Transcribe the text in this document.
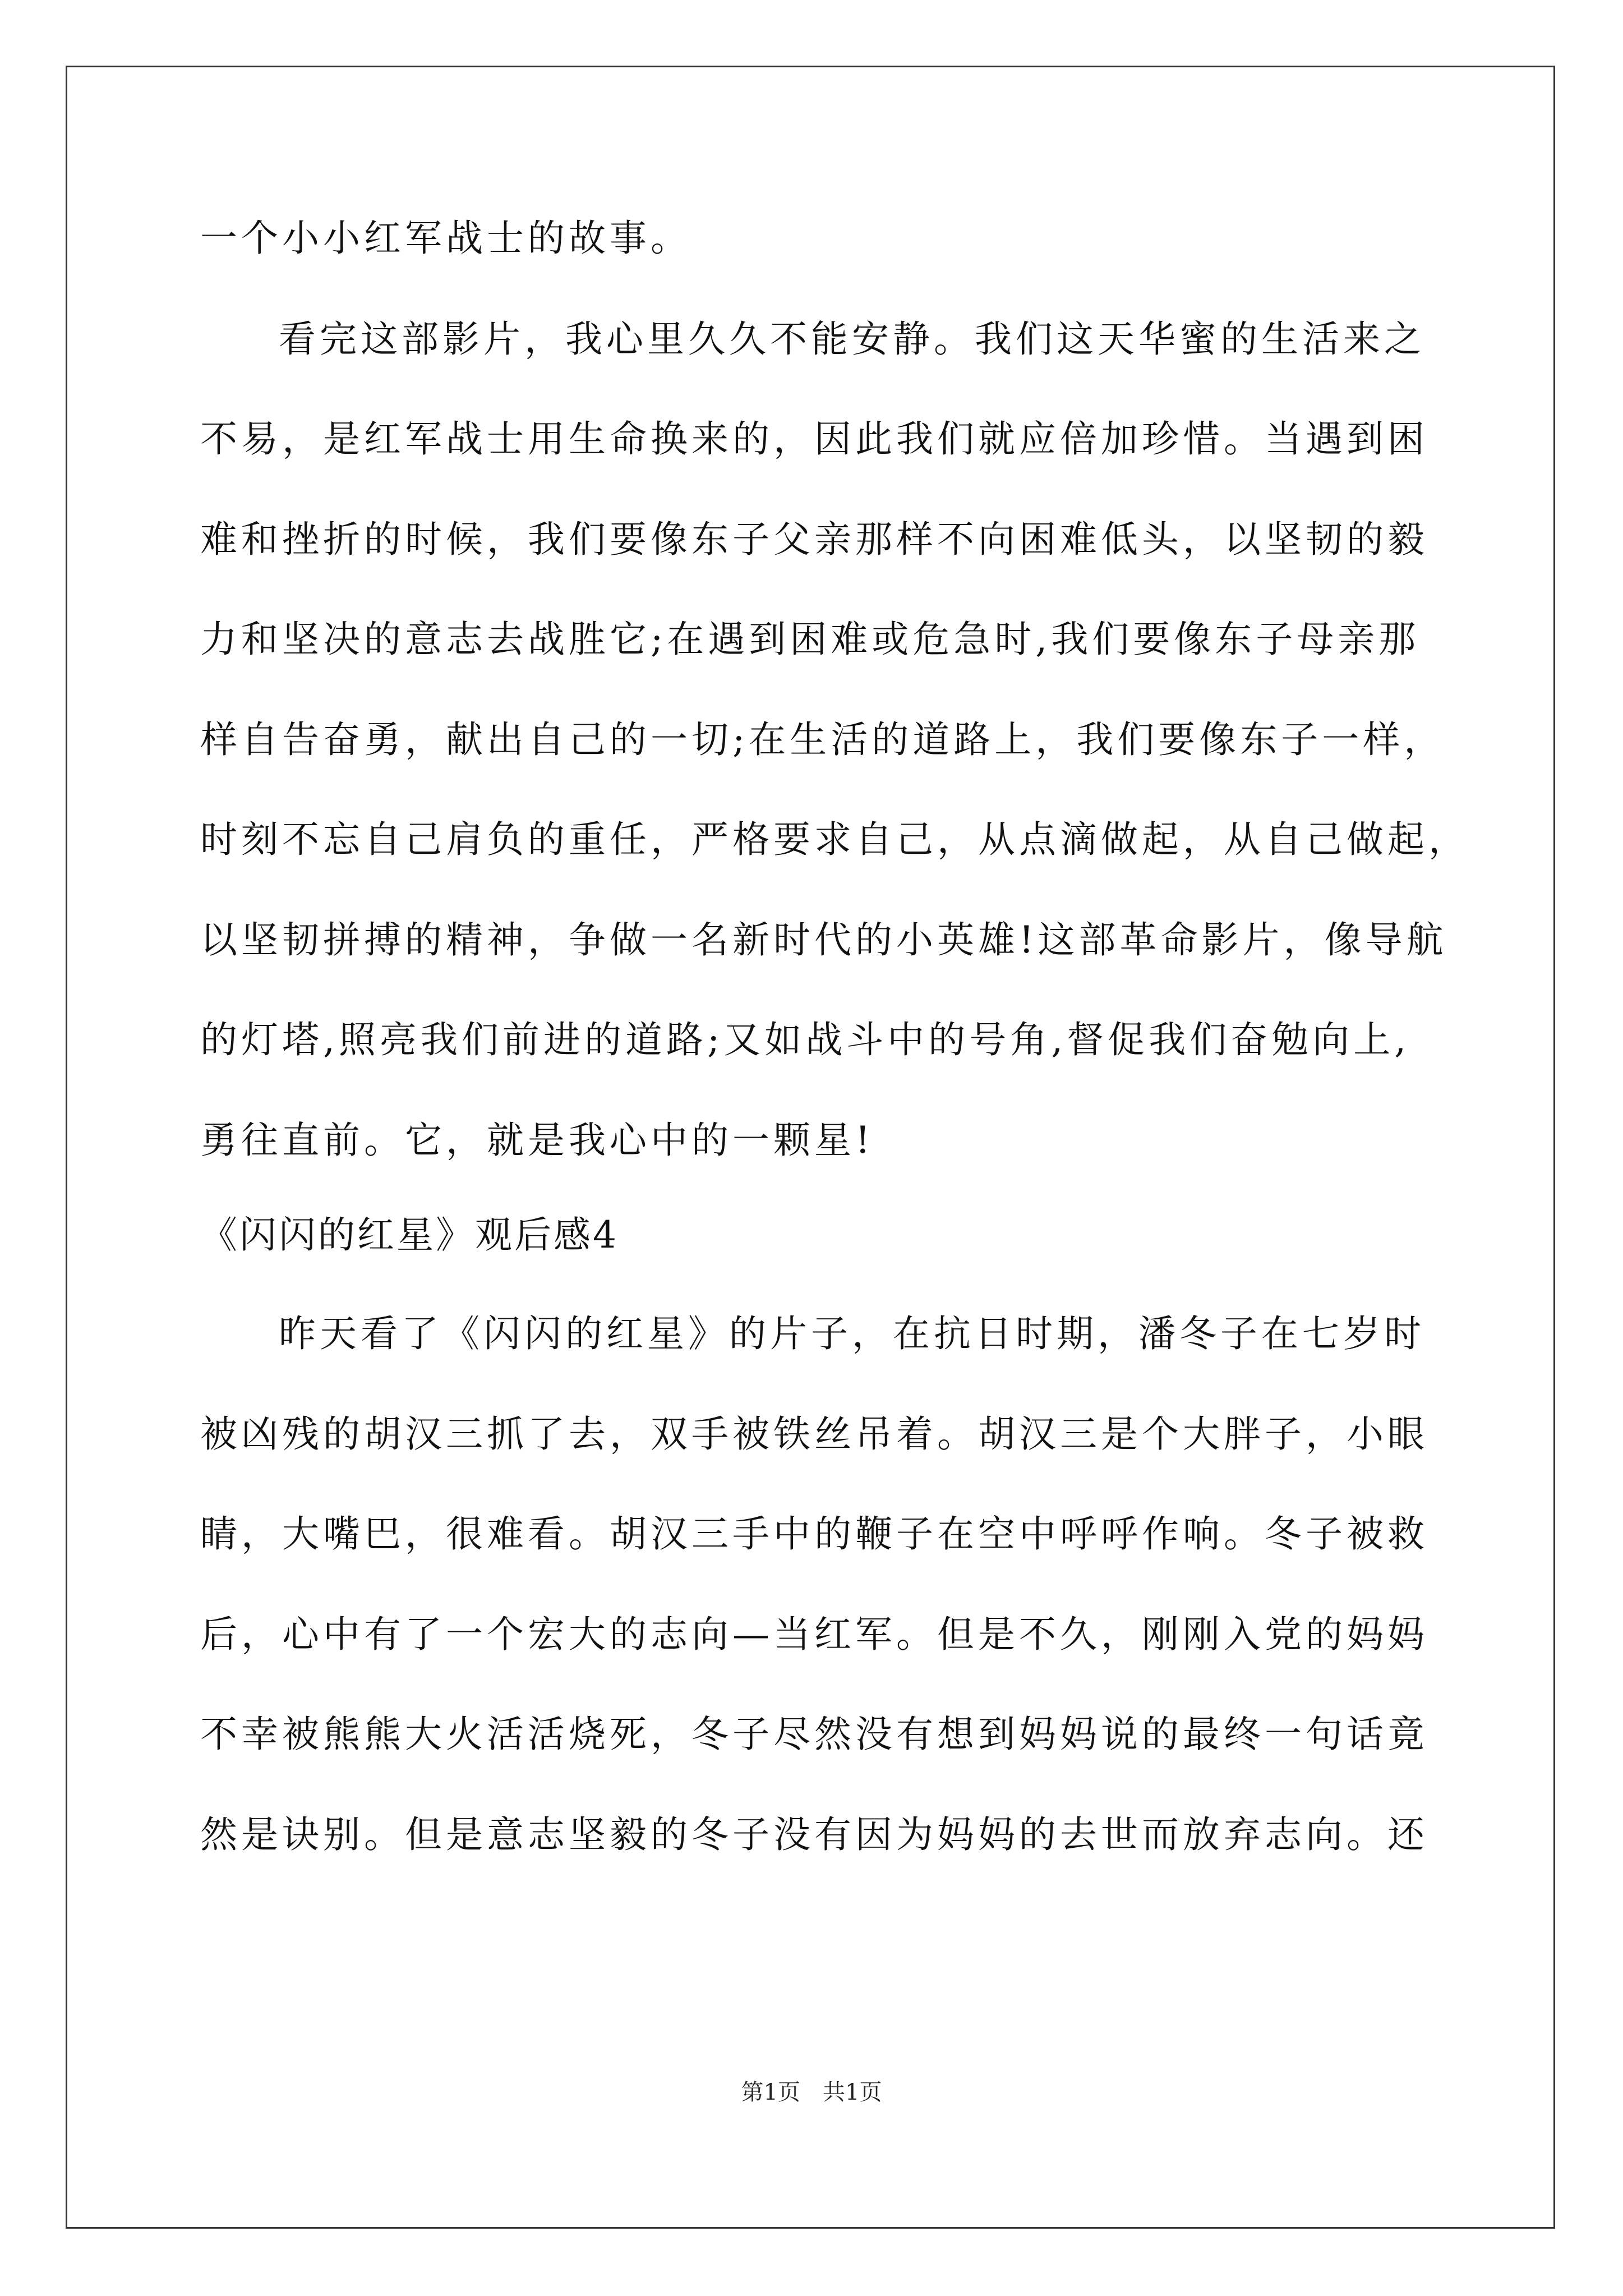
一个小小红军战士的故事。

看完这部影片，我心里久久不能安静。我们这天华蜜的生活来之

不易，是红军战士用生命换来的，因此我们就应倍加珍惜。当遇到困

难和挫折的时候，我们要像东子父亲那样不向困难低头，以坚韧的毅

力和坚决的意志去战胜它;在遇到困难或危急时,我们要像东子母亲那

样自告奋勇，献出自己的一切;在生活的道路上，我们要像东子一样，

时刻不忘自己肩负的重任，严格要求自己，从点滴做起，从自己做起，

以坚韧拼搏的精神，争做一名新时代的小英雄!这部革命影片，像导航

的灯塔,照亮我们前进的道路;又如战斗中的号角,督促我们奋勉向上,

勇往直前。它，就是我心中的一颗星!

《闪闪的红星》观后感4

昨天看了《闪闪的红星》的片子，在抗日时期，潘冬子在七岁时

被凶残的胡汉三抓了去，双手被铁丝吊着。胡汉三是个大胖子，小眼

睛，大嘴巴，很难看。胡汉三手中的鞭子在空中呼呼作响。冬子被救

后，心中有了一个宏大的志向—当红军。但是不久，刚刚入党的妈妈

不幸被熊熊大火活活烧死，冬子尽然没有想到妈妈说的最终一句话竟

然是诀别。但是意志坚毅的冬子没有因为妈妈的去世而放弃志向。还

第1页　共1页
